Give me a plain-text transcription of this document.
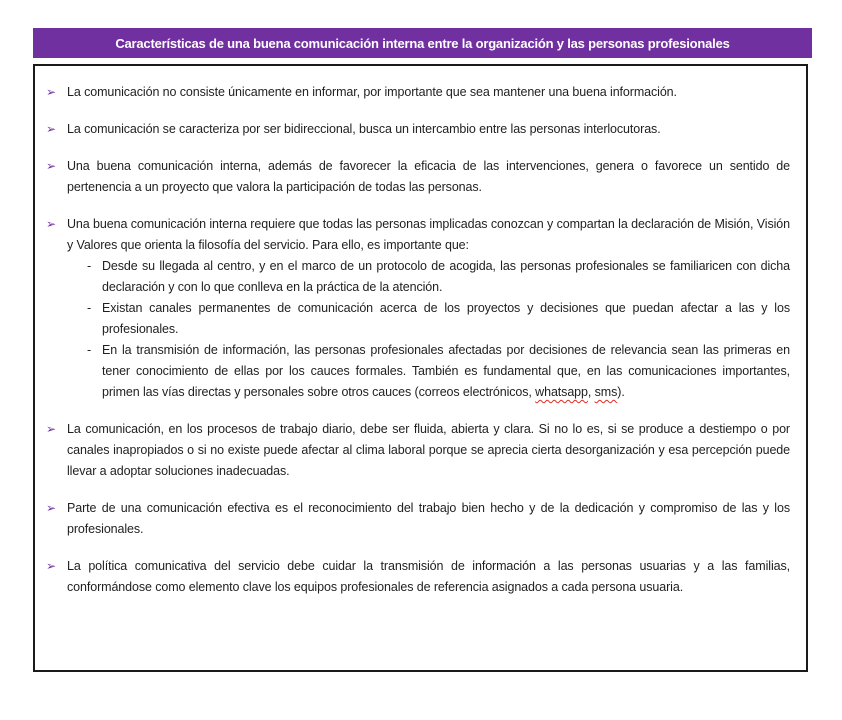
Características de una buena comunicación interna entre la organización y las personas profesionales
➢ La comunicación no consiste únicamente en informar, por importante que sea mantener una buena información.
➢ La comunicación se caracteriza por ser bidireccional, busca un intercambio entre las personas interlocutoras.
➢ Una buena comunicación interna, además de favorecer la eficacia de las intervenciones, genera o favorece un sentido de pertenencia a un proyecto que valora la participación de todas las personas.
➢ Una buena comunicación interna requiere que todas las personas implicadas conozcan y compartan la declaración de Misión, Visión y Valores que orienta la filosofía del servicio. Para ello, es importante que:
- Desde su llegada al centro, y en el marco de un protocolo de acogida, las personas profesionales se familiaricen con dicha declaración y con lo que conlleva en la práctica de la atención.
- Existan canales permanentes de comunicación acerca de los proyectos y decisiones que puedan afectar a las y los profesionales.
- En la transmisión de información, las personas profesionales afectadas por decisiones de relevancia sean las primeras en tener conocimiento de ellas por los cauces formales. También es fundamental que, en las comunicaciones importantes, primen las vías directas y personales sobre otros cauces (correos electrónicos, whatsapp, sms).
➢ La comunicación, en los procesos de trabajo diario, debe ser fluida, abierta y clara. Si no lo es, si se produce a destiempo o por canales inapropiados o si no existe puede afectar al clima laboral porque se aprecia cierta desorganización y esa percepción puede llevar a adoptar soluciones inadecuadas.
➢ Parte de una comunicación efectiva es el reconocimiento del trabajo bien hecho y de la dedicación y compromiso de las y los profesionales.
➢ La política comunicativa del servicio debe cuidar la transmisión de información a las personas usuarias y a las familias, conformándose como elemento clave los equipos profesionales de referencia asignados a cada persona usuaria.
